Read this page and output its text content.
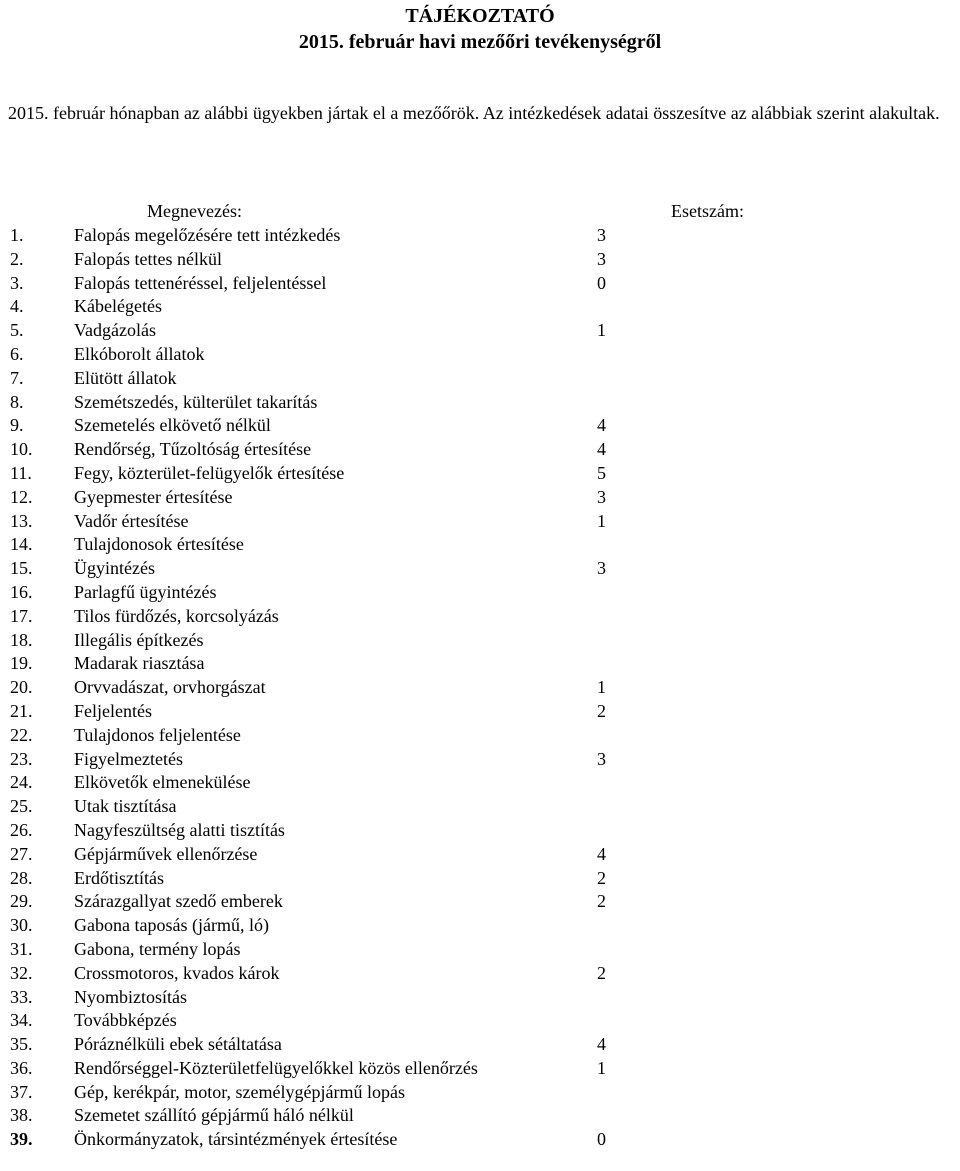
TÁJÉKOZTATÓ
2015. február havi mezőőri tevékenységről

2015. február hónapban az alábbi ügyekben jártak el a mezőőrök. Az intézkedések adatai összesítve az alábbiak szerint alakultak.

Megnevezés:	Esetszám:
1.	Falopás megelőzésére tett intézkedés	3
2.	Falopás tettes nélkül	3
3.	Falopás tettenéréssel, feljelentéssel	0
4.	Kábelégetés
5.	Vadgázolás	1
6.	Elkóborolt állatok
7.	Elütött állatok
8.	Szemétszedés, külterület takarítás
9.	Szemetelés elkövető nélkül	4
10. Rendőrség, Tűzoltóság értesítése	4
11. Fegy, közterület-felügyelők értesítése	5
12. Gyepmester értesítése	3
13. Vadőr értesítése	1
14. Tulajdonosok értesítése
15. Ügyintézés	3
16. Parlagfű ügyintézés
17. Tilos fürdőzés, korcsolyázás
18. Illegális építkezés
19. Madarak riasztása
20. Orvvadászat, orvhorgászat	1
21. Feljelentés	2
22. Tulajdonos feljelentése
23. Figyelmeztetés	3
24. Elkövetők elmenekülése
25. Utak tisztítása
26. Nagyfeszültség alatti tisztítás
27. Gépjárművek ellenőrzése	4
28. Erdőtisztítás	2
29. Szárazgallyat szedő emberek	2
30. Gabona taposás (jármű, ló)
31. Gabona, termény lopás
32. Crossmotoros, kvados károk	2
33. Nyombiztosítás
34. Továbbképzés
35. Póráznélküli ebek sétáltatása	4
36. Rendőrséggel-Közterületfelügyelőkkel közös ellenőrzés	1
37. Gép, kerékpár, motor, személygépjármű lopás
38. Szemetet szállító gépjármű háló nélkül
39. Önkormányzatok, társintézmények értesítése	0
